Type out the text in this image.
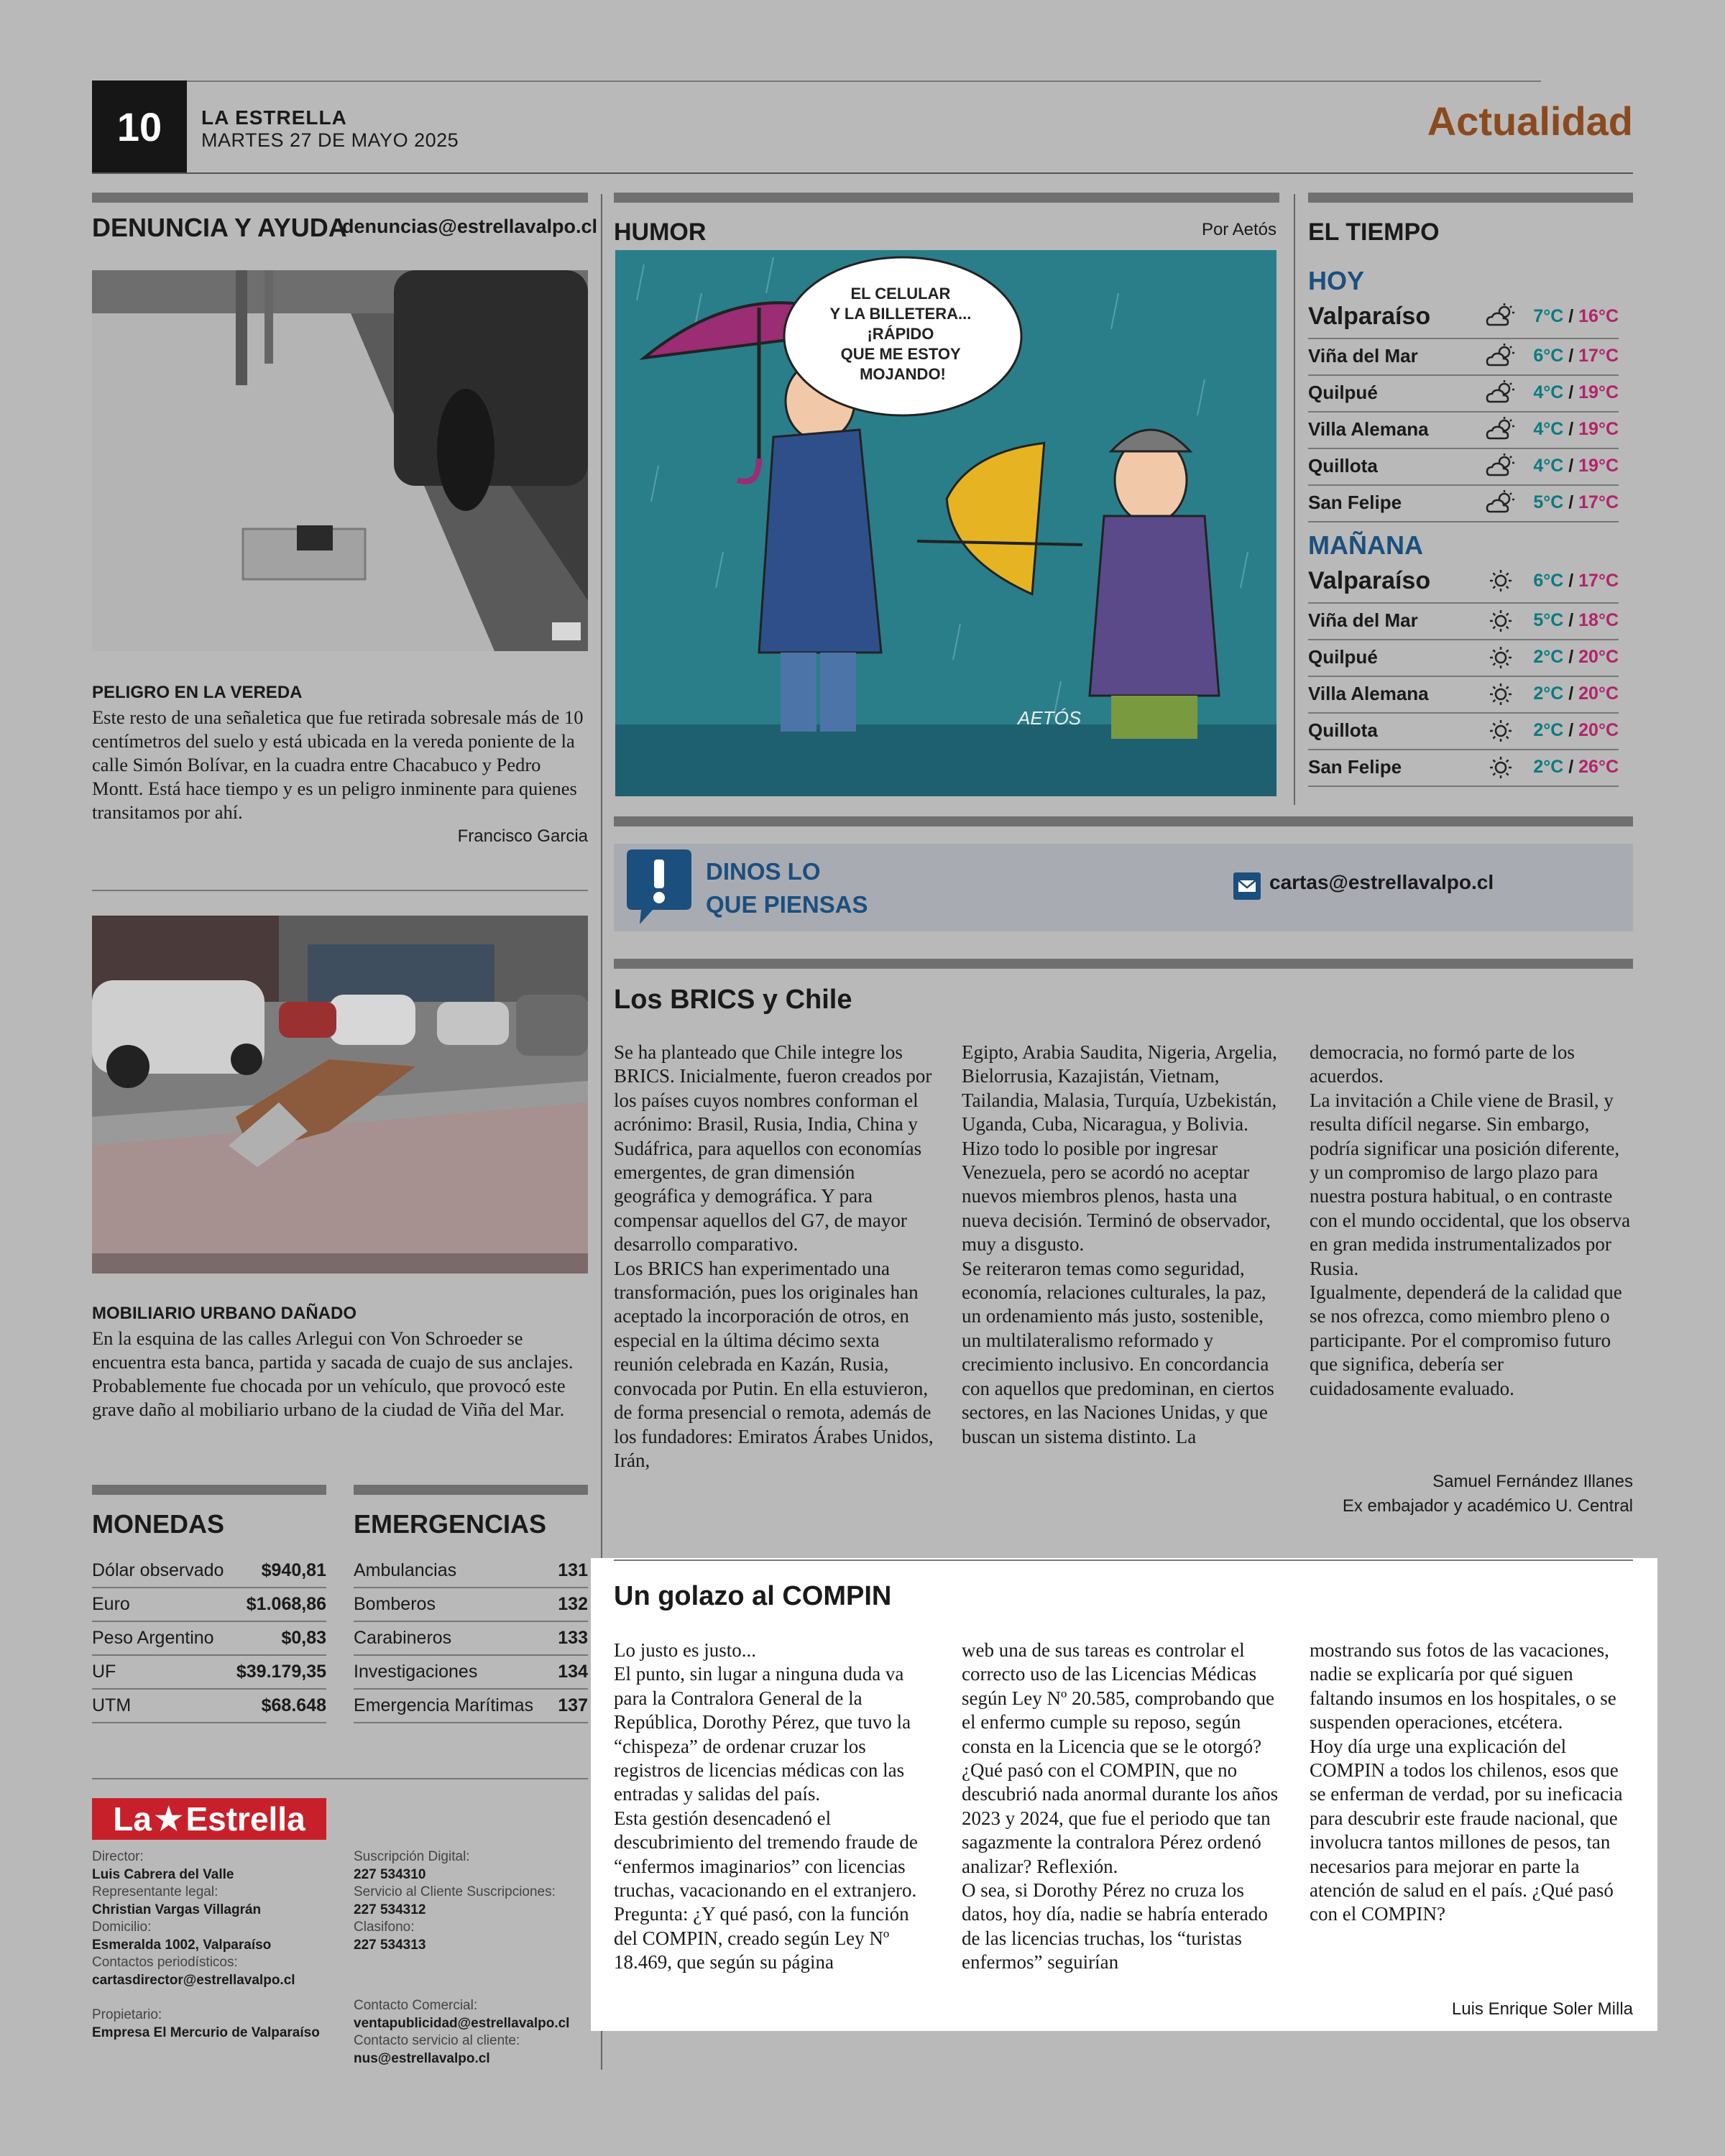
10	LA ESTRELLA
MARTES 27 DE MAYO 2025	Actualidad
DENUNCIA Y AYUDA
denuncias@estrellavalpo.cl
PELIGRO EN LA VEREDA
Este resto de una señaletica que fue retirada sobresale más de 10 centímetros del suelo y está ubicada en la vereda poniente de la calle Simón Bolívar, en la cuadra entre Chacabuco y Pedro Montt. Está hace tiempo y es un peligro inminente para quienes transitamos por ahí.
Francisco Garcia
MOBILIARIO URBANO DAÑADO
En la esquina de las calles Arlegui con Von Schroeder se encuentra esta banca, partida y sacada de cuajo de sus anclajes. Probablemente fue chocada por un vehículo, que provocó este grave daño al mobiliario urbano de la ciudad de Viña del Mar.
HUMOR	Por Aetós
EL CELULAR Y LA BILLETERA... ¡RÁPIDO QUE ME ESTOY MOJANDO!
AETÓS
EL TIEMPO
HOY
Valparaíso	7°C / 16°C
Viña del Mar	6°C / 17°C
Quilpué	4°C / 19°C
Villa Alemana	4°C / 19°C
Quillota	4°C / 19°C
San Felipe	5°C / 17°C
MAÑANA
Valparaíso	6°C / 17°C
Viña del Mar	5°C / 18°C
Quilpué	2°C / 20°C
Villa Alemana	2°C / 20°C
Quillota	2°C / 20°C
San Felipe	2°C / 26°C
DINOS LO
QUE PIENSAS
cartas@estrellavalpo.cl
Los BRICS y Chile

Se ha planteado que Chile integre los BRICS. Inicialmente, fueron creados por los países cuyos nombres conforman el acrónimo: Brasil, Rusia, India, China y Sudáfrica, para aquellos con economías emergentes, de gran dimensión geográfica y demográfica. Y para compensar aquellos del G7, de mayor desarrollo comparativo.

Los BRICS han experimentado una transformación, pues los originales han aceptado la incorporación de otros, en especial en la última décimo sexta reunión celebrada en Kazán, Rusia, convocada por Putin. En ella estuvieron, de forma presencial o remota, además de los fundadores: Emiratos Árabes Unidos, Irán,

Egipto, Arabia Saudita, Nigeria, Argelia, Bielorrusia, Kazajistán, Vietnam, Tailandia, Malasia, Turquía, Uzbekistán, Uganda, Cuba, Nicaragua, y Bolivia. Hizo todo lo posible por ingresar Venezuela, pero se acordó no aceptar nuevos miembros plenos, hasta una nueva decisión. Terminó de observador, muy a disgusto.

Se reiteraron temas como seguridad, economía, relaciones culturales, la paz, un ordenamiento más justo, sostenible, un multilateralismo reformado y crecimiento inclusivo. En concordancia con aquellos que predominan, en ciertos sectores, en las Naciones Unidas, y que buscan un sistema distinto. La

democracia, no formó parte de los acuerdos.

La invitación a Chile viene de Brasil, y resulta difícil negarse. Sin embargo, podría significar una posición diferente, y un compromiso de largo plazo para nuestra postura habitual, o en contraste con el mundo occidental, que los observa en gran medida instrumentalizados por Rusia.

Igualmente, dependerá de la calidad que se nos ofrezca, como miembro pleno o participante. Por el compromiso futuro que significa, debería ser cuidadosamente evaluado.

Samuel Fernández Illanes
Ex embajador y académico U. Central
Un golazo al COMPIN

Lo justo es justo...

El punto, sin lugar a ninguna duda va para la Contralora General de la República, Dorothy Pérez, que tuvo la “chispeza” de ordenar cruzar los registros de licencias médicas con las entradas y salidas del país.

Esta gestión desencadenó el descubrimiento del tremendo fraude de “enfermos imaginarios” con licencias truchas, vacacionando en el extranjero.

Pregunta: ¿Y qué pasó, con la función del COMPIN, creado según Ley Nº 18.469, que según su página

web una de sus tareas es controlar el correcto uso de las Licencias Médicas según Ley Nº 20.585, comprobando que el enfermo cumple su reposo, según consta en la Licencia que se le otorgó?

¿Qué pasó con el COMPIN, que no descubrió nada anormal durante los años 2023 y 2024, que fue el periodo que tan sagazmente la contralora Pérez ordenó analizar? Reflexión.

O sea, si Dorothy Pérez no cruza los datos, hoy día, nadie se habría enterado de las licencias truchas, los “turistas enfermos” seguirían

mostrando sus fotos de las vacaciones, nadie se explicaría por qué siguen faltando insumos en los hospitales, o se suspenden operaciones, etcétera.

Hoy día urge una explicación del COMPIN a todos los chilenos, esos que se enferman de verdad, por su ineficacia para descubrir este fraude nacional, que involucra tantos millones de pesos, tan necesarios para mejorar en parte la atención de salud en el país. ¿Qué pasó con el COMPIN?

Luis Enrique Soler Milla
MONEDAS	EMERGENCIAS
Dólar observado $940,81
Euro	$1.068,86
Peso Argentino	$0,83
UF	$39.179,35
UTM	$68.648
Ambulancias	131
Bomberos	132
Carabineros	133
Investigaciones	134
Emergencia Marítimas 137
La ★ Estrella
Director:
Luis Cabrera del Valle
Representante legal:
Christian Vargas Villagrán
Domicilio:
Esmeralda 1002, Valparaíso
Contactos periodísticos:
cartasdirector@estrellavalpo.cl
Propietario:
Empresa El Mercurio de Valparaíso
Suscripción Digital:
227 534310
Servicio al Cliente Suscripciones:
227 534312
Clasifono:
227 534313
Contacto Comercial:
ventapublicidad@estrellavalpo.cl
Contacto servicio al cliente:
nus@estrellavalpo.cl
